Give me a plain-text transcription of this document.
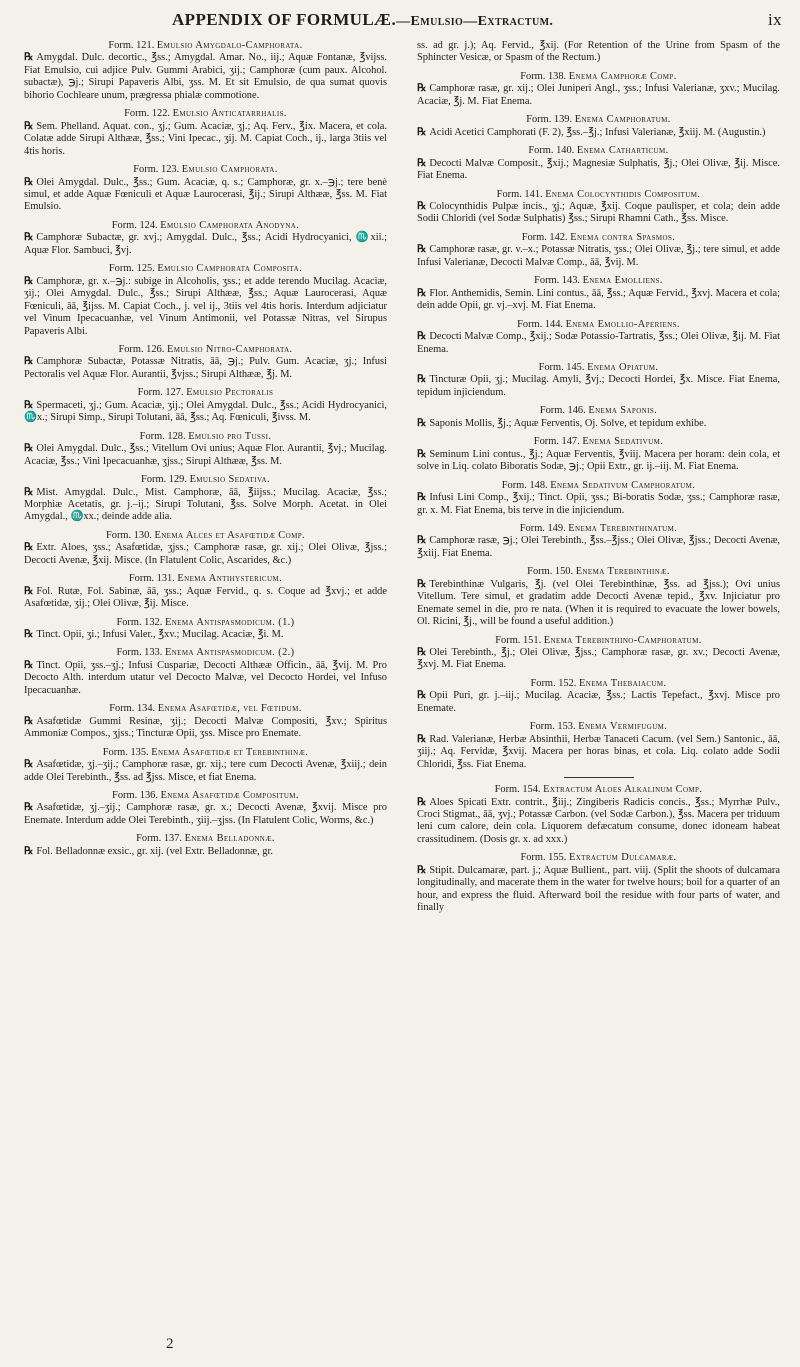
APPENDIX OF FORMULÆ.—Emulsio—Extractum.	ix

Form. 121. Emulsio Amygdalo-Camphorata.

℞ Amygdal. Dulc. decortic., ℥ss.; Amygdal. Amar. No., iij.; Aquæ Fontanæ, ℥vijss. Fiat Emulsio, cui adjice Pulv. Gummi Arabici, ʒij.; Camphoræ (cum paux. Alcohol. subactæ), ℈j.; Sirupi Papaveris Albi, ʒss. M. Et sit Emulsio, de qua sumat quovis bihorio Cochleare unum, prægressa phialæ commotione.

Form. 122. Emulsio Anticatarrhalis.

℞ Sem. Phelland. Aquat. con., ʒj.; Gum. Acaciæ, ʒj.; Aq. Ferv., ℥ix. Macera, et cola. Colatæ adde Sirupi Althææ, ℥ss.; Vini Ipecac., ʒij. M. Capiat Coch., ij., larga 3tiis vel 4tis horis.

Form. 123. Emulsio Camphorata.

℞ Olei Amygdal. Dulc., ℥ss.; Gum. Acaciæ, q. s.; Camphoræ, gr. x.–℈j.; tere benè simul, et adde Aquæ Fœniculi et Aquæ Laurocerasi, ℥ij.; Sirupi Althææ, ℥ss. M. Fiat Emulsio.

Form. 124. Emulsio Camphorata Anodyna.

℞ Camphoræ Subactæ, gr. xvj.; Amygdal. Dulc., ℥ss.; Acidi Hydrocyanici, ♏xii.; Aquæ Flor. Sambuci, ℥vj.

Form. 125. Emulsio Camphorata Composita.

℞ Camphoræ, gr. x.–℈j.: subige in Alcoholis, ʒss.; et adde terendo Mucilag. Acaciæ, ʒij.; Olei Amygdal. Dulc., ℥ss.; Sirupi Althææ, ℥ss.; Aquæ Laurocerasi, Aquæ Fœniculi, āā, ℥ijss. M. Capiat Coch., j. vel ij., 3tiis vel 4tis horis. Interdum adjiciatur vel Vinum Ipecacuanhæ, vel Vinum Antimonii, vel Potassæ Nitras, vel Sirupus Papaveris Albi.

Form. 126. Emulsio Nitro-Camphorata.

℞ Camphoræ Subactæ, Potassæ Nitratis, āā, ℈j.; Pulv. Gum. Acaciæ, ʒj.; Infusi Pectoralis vel Aquæ Flor. Aurantii, ℥vjss.; Sirupi Althææ, ℥j. M.

Form. 127. Emulsio Pectoralis

℞ Spermaceti, ʒj.; Gum. Acaciæ, ʒij.; Olei Amygdal. Dulc., ℥ss.; Acidi Hydrocyanici, ♏x.; Sirupi Simp., Sirupi Tolutani, āā, ℥ss.; Aq. Fœniculi, ℥ivss. M.

Form. 128. Emulsio pro Tussi.

℞ Olei Amygdal. Dulc., ℥ss.; Vitellum Ovi unius; Aquæ Flor. Aurantii, ℥vj.; Mucilag. Acaciæ, ℥ss.; Vini Ipecacuanhæ, ʒjss.; Sirupi Althææ, ℥ss. M.

Form. 129. Emulsio Sedativa.

℞ Mist. Amygdal. Dulc., Mist. Camphoræ, āā, ℥iijss.; Mucilag. Acaciæ, ℥ss.; Morphiæ Acetatis, gr. j.–ij.; Sirupi Tolutani, ℥ss. Solve Morph. Acetat. in Olei Amygdal., ♏xx.; deinde adde alia.

Form. 130. Enema Alces et Asafœtidæ Comp.

℞ Extr. Aloes, ʒss.; Asafœtidæ, ʒjss.; Camphoræ rasæ, gr. xij.; Olei Olivæ, ℥jss.; Decocti Avenæ, ℥xij. Misce. (In Flatulent Colic, Ascarides, &c.)

Form. 131. Enema Antihystericum.

℞ Fol. Rutæ, Fol. Sabinæ, āā, ʒss.; Aquæ Fervid., q. s. Coque ad ℥xvj.; et adde Asafœtidæ, ʒij.; Olei Olivæ, ℥ij. Misce.

Form. 132. Enema Antispasmodicum. (1.)

℞ Tinct. Opii, ʒi.; Infusi Valer., ℥xv.; Mucilag. Acaciæ, ℥i. M.

Form. 133. Enema Antispasmodicum. (2.)

℞ Tinct. Opii, ʒss.–ʒj.; Infusi Cuspariæ, Decocti Althææ Officin., āā, ℥vij. M. Pro Decocto Alth. interdum utatur vel Decocto Malvæ, vel Decocto Hordei, vel Infuso Ipecacuanhæ.

Form. 134. Enema Asafœtidæ, vel Fœtidum.

℞ Asafœtidæ Gummi Resinæ, ʒij.; Decocti Malvæ Compositi, ℥xv.; Spiritus Ammoniæ Compos., ʒjss.; Tincturæ Opii, ʒss. Misce pro Enemate.

Form. 135. Enema Asafœtidæ et Terebinthinæ.

℞ Asafœtidæ, ʒj.–ʒij.; Camphoræ rasæ, gr. xij.; tere cum Decocti Avenæ, ℥xiij.; dein adde Olei Terebinth., ℥ss. ad ℥jss. Misce, et fiat Enema.

Form. 136. Enema Asafœtidæ Compositum.

℞ Asafœtidæ, ʒj.–ʒij.; Camphoræ rasæ, gr. x.; Decocti Avenæ, ℥xvij. Misce pro Enemate. Interdum adde Olei Terebinth., ʒiij.–ʒjss. (In Flatulent Colic, Worms, &c.)

Form. 137. Enema Belladonnæ.

℞ Fol. Belladonnæ exsic., gr. xij. (vel Extr. Belladonnæ, gr.

ss. ad gr. j.); Aq. Fervid., ℥xij. (For Retention of the Urine from Spasm of the Sphincter Vesicæ, or Spasm of the Rectum.)

Form. 138. Enema Camphoræ Comp.

℞ Camphoræ rasæ, gr. xij.; Olei Juniperi Angl., ʒss.; Infusi Valerianæ, ʒxv.; Mucilag. Acaciæ, ℥j. M. Fiat Enema.

Form. 139. Enema Camphoratum.

℞ Acidi Acetici Camphorati (F. 2), ℥ss.–℥j.; Infusi Valerianæ, ℥xiij. M. (Augustin.)

Form. 140. Enema Catharticum.

℞ Decocti Malvæ Composit., ℥xij.; Magnesiæ Sulphatis, ℥j.; Olei Olivæ, ℥ij. Misce. Fiat Enema.

Form. 141. Enema Colocynthidis Compositum.

℞ Colocynthidis Pulpæ incis., ʒj.; Aquæ, ℥xij. Coque paulisper, et cola; dein adde Sodii Chloridi (vel Sodæ Sulphatis) ℥ss.; Sirupi Rhamni Cath., ℥ss. Misce.

Form. 142. Enema contra Spasmos.

℞ Camphoræ rasæ, gr. v.–x.; Potassæ Nitratis, ʒss.; Olei Olivæ, ℥j.; tere simul, et adde Infusi Valerianæ, Decocti Malvæ Comp., āā, ℥vij. M.

Form. 143. Enema Emolliens.

℞ Flor. Anthemidis, Semin. Lini contus., āā, ℥ss.; Aquæ Fervid., ℥xvj. Macera et cola; dein adde Opii, gr. vj.–xvj. M. Fiat Enema.

Form. 144. Enema Emollio-Aperiens.

℞ Decocti Malvæ Comp., ℥xij.; Sodæ Potassio-Tartratis, ℥ss.; Olei Olivæ, ℥ij. M. Fiat Enema.

Form. 145. Enema Opiatum.

℞ Tincturæ Opii, ʒj.; Mucilag. Amyli, ℥vj.; Decocti Hordei, ℥x. Misce. Fiat Enema, tepidum injiciendum.

Form. 146. Enema Saponis.

℞ Saponis Mollis, ℥j.; Aquæ Ferventis, Oj. Solve, et tepidum exhibe.

Form. 147. Enema Sedativum.

℞ Seminum Lini contus., ℥j.; Aquæ Ferventis, ℥viij. Macera per horam: dein cola, et solve in Liq. colato Biboratis Sodæ, ℈j.; Opii Extr., gr. ij.–iij. M. Fiat Enema.

Form. 148. Enema Sedativum Camphoratum.

℞ Infusi Lini Comp., ℥xij.; Tinct. Opii, ʒss.; Bi-boratis Sodæ, ʒss.; Camphoræ rasæ, gr. x. M. Fiat Enema, bis terve in die injiciendum.

Form. 149. Enema Terebinthinatum.

℞ Camphoræ rasæ, ℈j.; Olei Terebinth., ℥ss.–℥jss.; Olei Olivæ, ℥jss.; Decocti Avenæ, ℥xiij. Fiat Enema.

Form. 150. Enema Terebinthinæ.

℞ Terebinthinæ Vulgaris, ℥j. (vel Olei Terebinthinæ, ℥ss. ad ℥jss.); Ovi unius Vitellum. Tere simul, et gradatim adde Decocti Avenæ tepid., ℥xv. Injiciatur pro Enemate semel in die, pro re nata. (When it is required to evacuate the lower bowels, Ol. Ricini, ℥j., will be found a useful addition.)

Form. 151. Enema Terebinthino-Camphoratum.

℞ Olei Terebinth., ℥j.; Olei Olivæ, ℥jss.; Camphoræ rasæ, gr. xv.; Decocti Avenæ, ℥xvj. M. Fiat Enema.

Form. 152. Enema Thebaiacum.

℞ Opii Puri, gr. j.–iij.; Mucilag. Acaciæ, ℥ss.; Lactis Tepefact., ℥xvj. Misce pro Enemate.

Form. 153. Enema Vermifugum.

℞ Rad. Valerianæ, Herbæ Absinthii, Herbæ Tanaceti Cacum. (vel Sem.) Santonic., āā, ʒiij.; Aq. Fervidæ, ℥xvij. Macera per horas binas, et cola. Liq. colato adde Sodii Chloridi, ℥ss. Fiat Enema.

Form. 154. Extractum Aloes Alkalinum Comp.

℞ Aloes Spicati Extr. contrit., ℥iij.; Zingiberis Radicis concis., ℥ss.; Myrrhæ Pulv., Croci Stigmat., āā, ʒvj.; Potassæ Carbon. (vel Sodæ Carbon.), ℥ss. Macera per triduum leni cum calore, dein cola. Liquorem defæcatum consume, donec idoneam habeat crassitudinem. (Dosis gr. x. ad xxx.)

Form. 155. Extractum Dulcamaræ.

℞ Stipit. Dulcamaræ, part. j.; Aquæ Bullient., part. viij. (Split the shoots of dulcamara longitudinally, and macerate them in the water for twelve hours; boil for a quarter of an hour, and express the fluid. Afterward boil the residue with four parts of water, and finally

2
